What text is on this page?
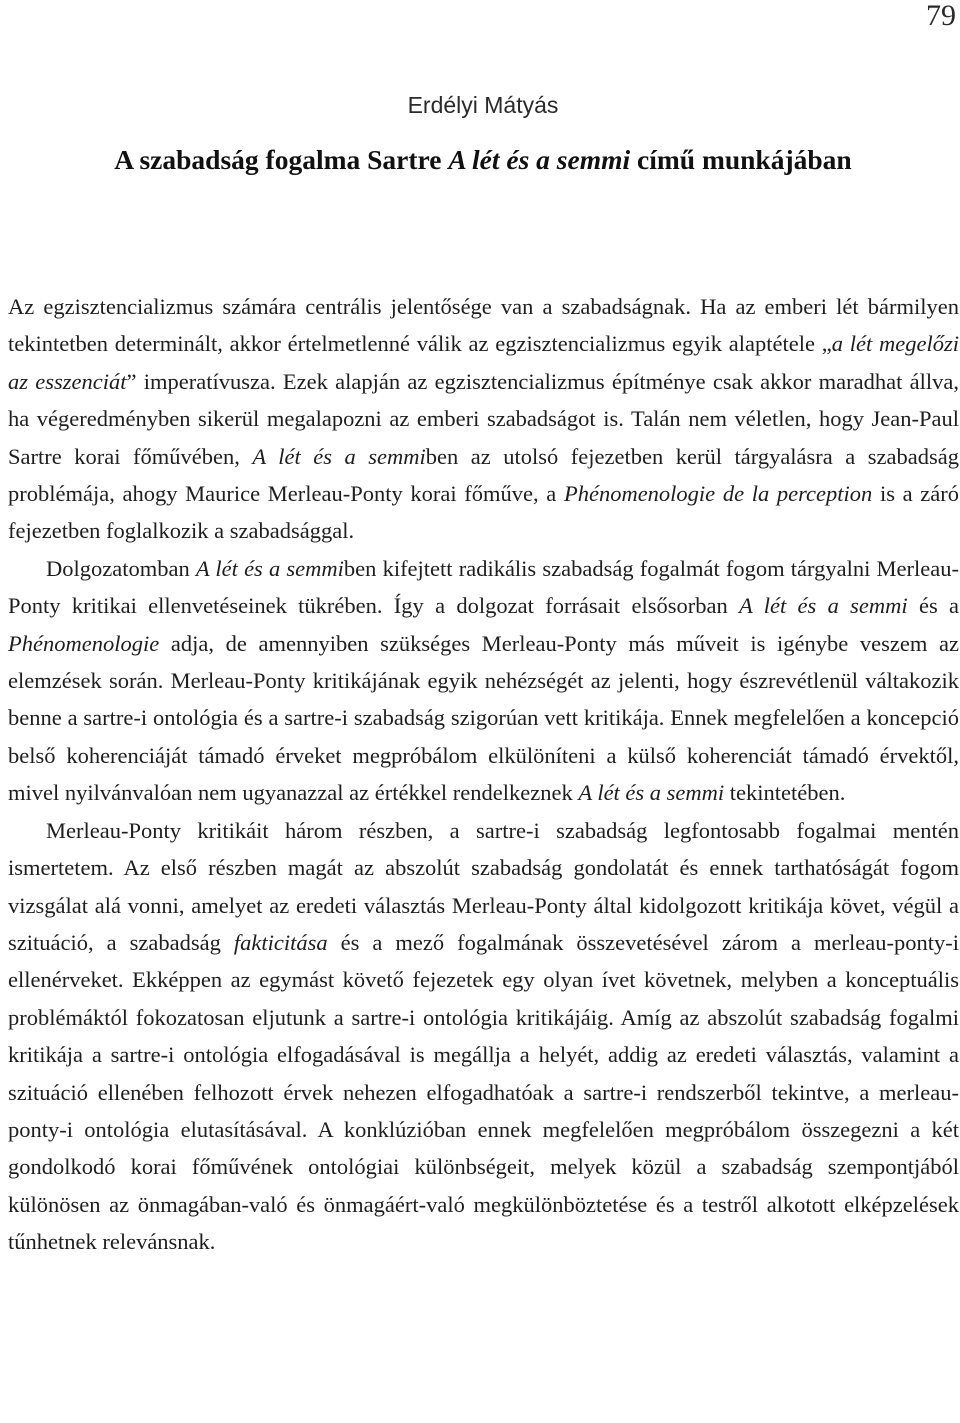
79
Erdélyi Mátyás
A szabadság fogalma Sartre A lét és a semmi című munkájában

Az egzisztencializmus számára centrális jelentősége van a szabadságnak. Ha az emberi lét bármilyen tekintetben determinált, akkor értelmetlenné válik az egzisztencializmus egyik alaptétele „a lét megelőzi az esszenciát” imperatívusza. Ezek alapján az egzisztencializmus építménye csak akkor maradhat állva, ha végeredményben sikerül megalapozni az emberi szabadságot is. Talán nem véletlen, hogy Jean-Paul Sartre korai főművében, A lét és a semmiben az utolsó fejezetben kerül tárgyalásra a szabadság problémája, ahogy Maurice Merleau-Ponty korai főműve, a Phénomenologie de la perception is a záró fejezetben foglalkozik a szabadsággal.

Dolgozatomban A lét és a semmiben kifejtett radikális szabadság fogalmát fogom tárgyalni Merleau-Ponty kritikai ellenvetéseinek tükrében. Így a dolgozat forrásait elsősorban A lét és a semmi és a Phénomenologie adja, de amennyiben szükséges Merleau-Ponty más műveit is igénybe veszem az elemzések során. Merleau-Ponty kritikájának egyik nehézségét az jelenti, hogy észrevétlenül váltakozik benne a sartre-i ontológia és a sartre-i szabadság szigorúan vett kritikája. Ennek megfelelően a koncepció belső koherenciáját támadó érveket megpróbálom elkülöníteni a külső koherenciát támadó érvektől, mivel nyilvánvalóan nem ugyanazzal az értékkel rendelkeznek A lét és a semmi tekintetében.

Merleau-Ponty kritikáit három részben, a sartre-i szabadság legfontosabb fogalmai mentén ismertetem. Az első részben magát az abszolút szabadság gondolatát és ennek tarthatóságát fogom vizsgálat alá vonni, amelyet az eredeti választás Merleau-Ponty által kidolgozott kritikája követ, végül a szituáció, a szabadság fakticitása és a mező fogalmának összevetésével zárom a merleau-ponty-i ellenérveket. Ekképpen az egymást követő fejezetek egy olyan ívet követnek, melyben a konceptuális problémáktól fokozatosan eljutunk a sartre-i ontológia kritikájáig. Amíg az abszolút szabadság fogalmi kritikája a sartre-i ontológia elfogadásával is megállja a helyét, addig az eredeti választás, valamint a szituáció ellenében felhozott érvek nehezen elfogadhatóak a sartre-i rendszerből tekintve, a merleau-ponty-i ontológia elutasításával. A konklúzióban ennek megfelelően megpróbálom összegezni a két gondolkodó korai főművének ontológiai különbségeit, melyek közül a szabadság szempontjából különösen az önmagában-való és önmagáért-való megkülönböztetése és a testről alkotott elképzelések tűnhetnek relevánsnak.
